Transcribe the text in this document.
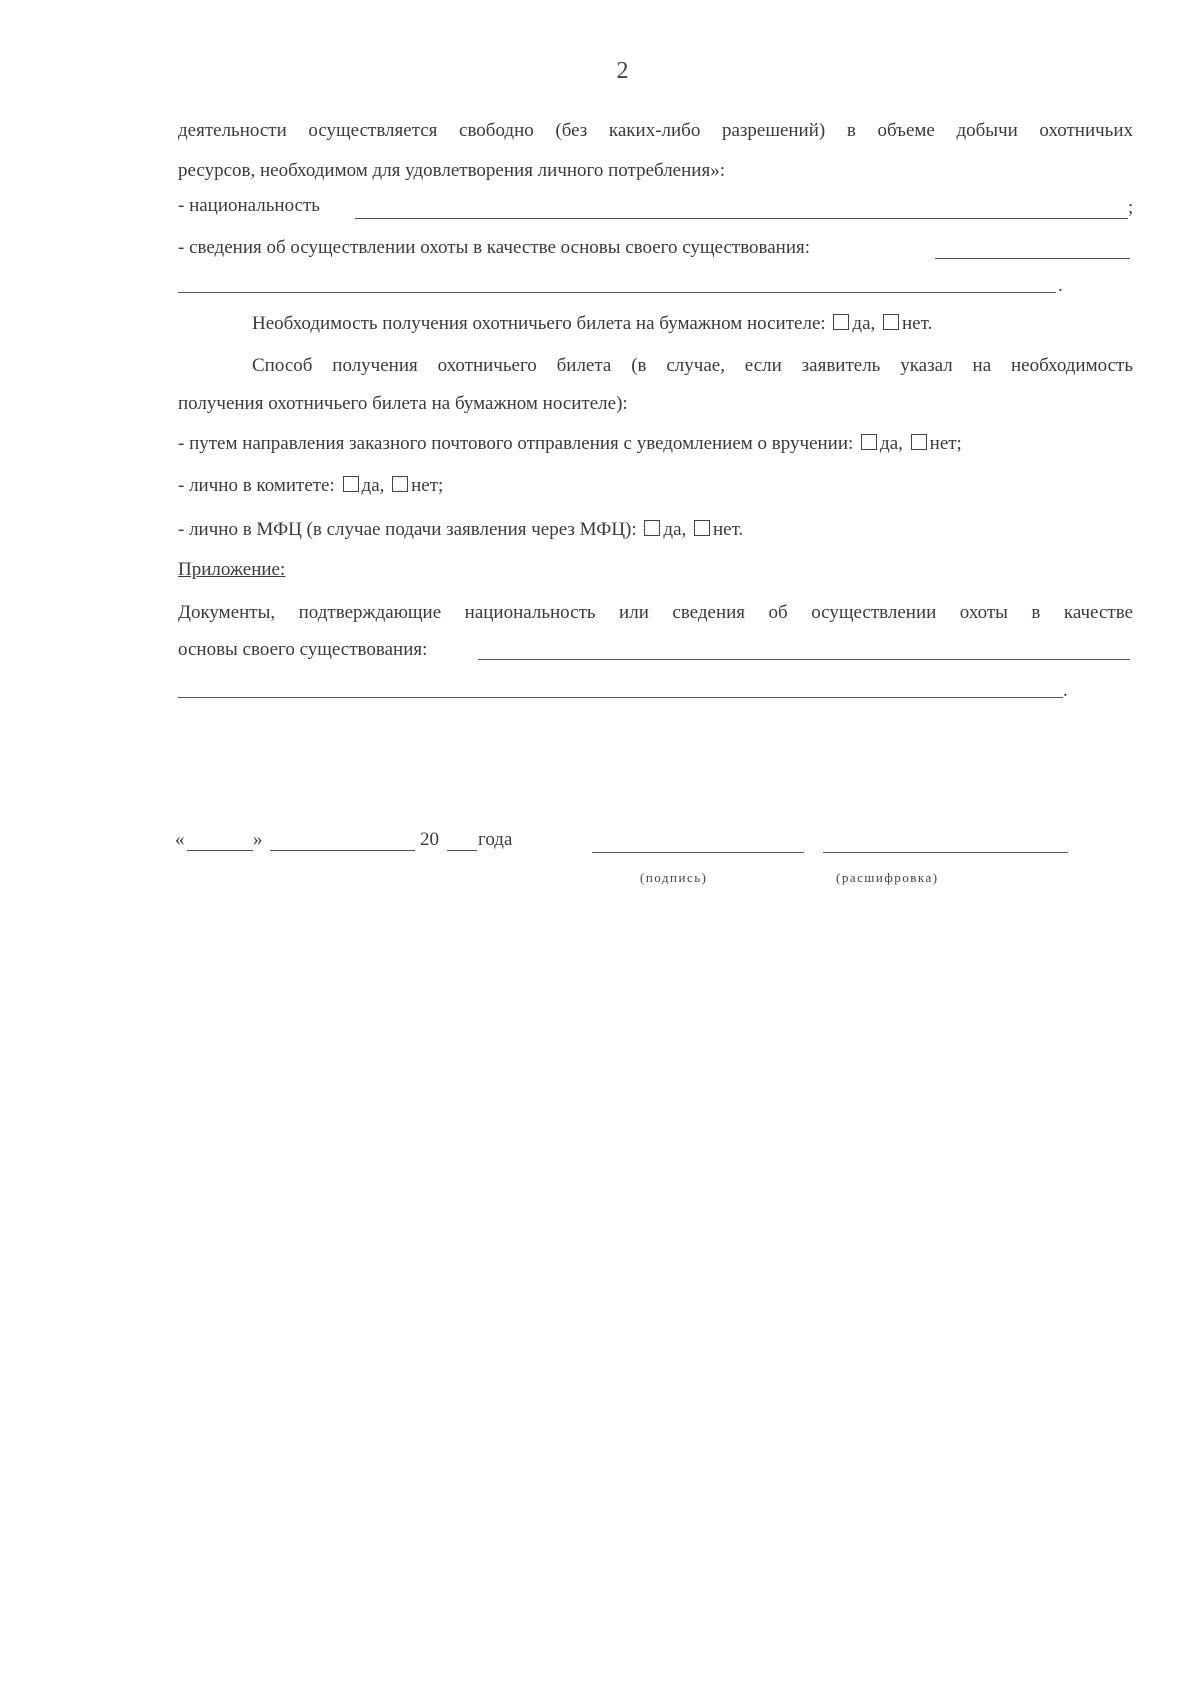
2
деятельности осуществляется свободно (без каких-либо разрешений) в объеме добычи охотничьих
ресурсов, необходимом для удовлетворения личного потребления»:
- национальность	;
- сведения об осуществлении охоты в качестве основы своего существования:
.
Необходимость получения охотничьего билета на бумажном носителе: да, нет.
Способ получения охотничьего билета (в случае, если заявитель указал на необходимость
получения охотничьего билета на бумажном носителе):
- путем направления заказного почтового отправления с уведомлением о вручении: да, нет;
- лично в комитете: да, нет;
- лично в МФЦ (в случае подачи заявления через МФЦ): да, нет.
Приложение:
Документы, подтверждающие национальность или сведения об осуществлении охоты в качестве
основы своего существования:
.
«	»	20 года
(подпись)	(расшифровка)
